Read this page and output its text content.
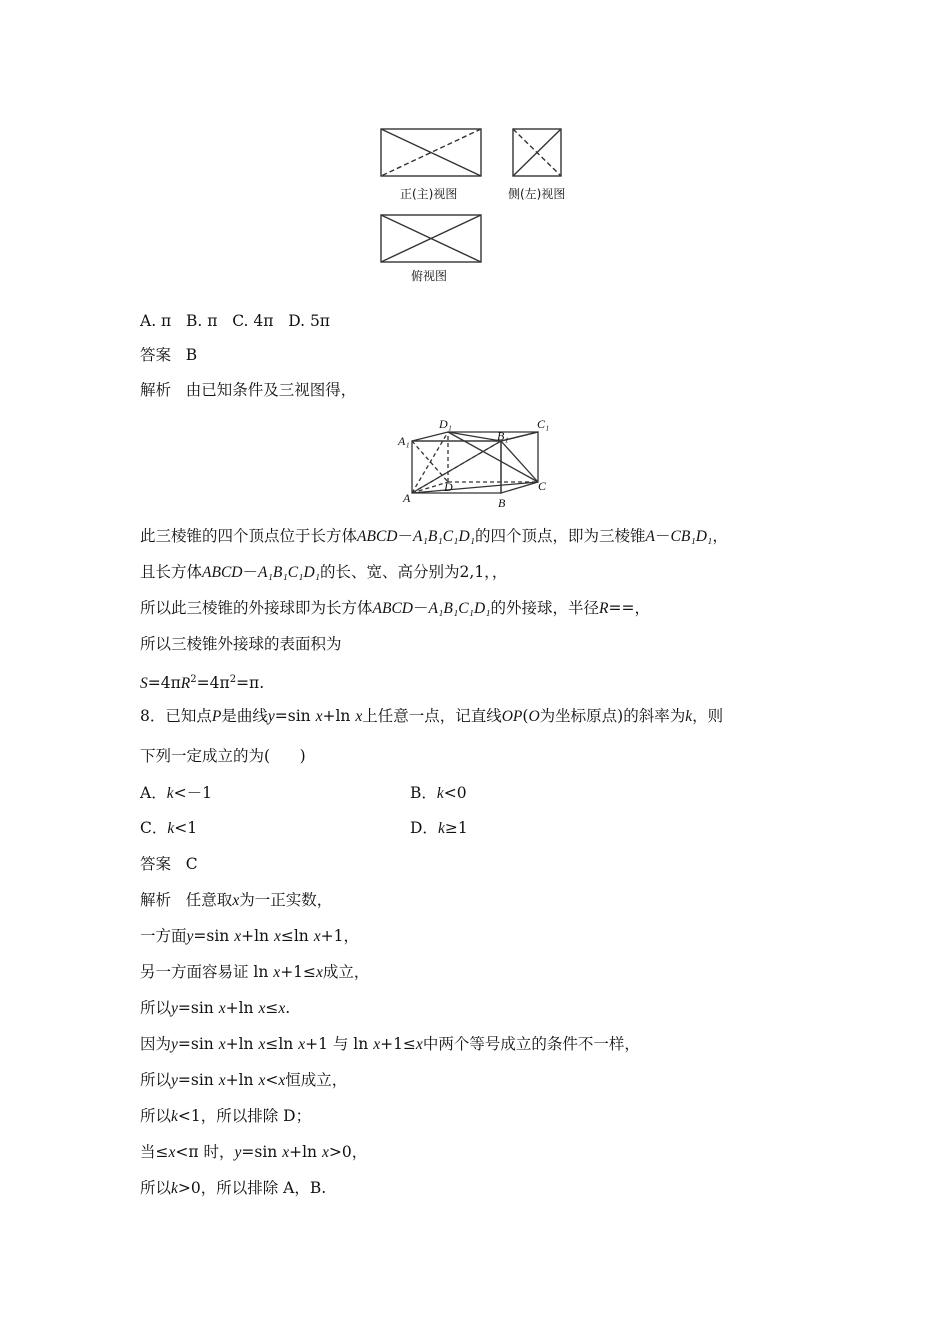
正(主)视图	侧(左)视图
俯视图
A. π   B. π   C. 4π   D. 5π
答案 B
解析 由已知条件及三视图得，
D₁	C₁
A₁	B₁
A
D
B
C
此三棱锥的四个顶点位于长方体ABCD－A₁B₁C₁D₁的四个顶点，即为三棱锥A－CB₁D₁，
且长方体ABCD－A₁B₁C₁D₁的长、宽、高分别为2,1，，
所以此三棱锥的外接球即为长方体ABCD－A₁B₁C₁D₁的外接球，半径R==，
所以三棱锥外接球的表面积为
$S=4\pi R^2=4\pi^2=\pi$.
8．已知点P是曲线y=sin x+ln x上任意一点，记直线OP(O为坐标原点)的斜率为k，则
下列一定成立的为(      )
A．k<－1	B．k<0
C．k<1	D．k≥1
答案 C
解析 任意取x为一正实数，
一方面y=sin x+ln x≤ln x+1，
另一方面容易证 ln x+1≤x成立，
所以y=sin x+ln x≤x.
因为y=sin x+ln x≤ln x+1 与 ln x+1≤x中两个等号成立的条件不一样，
所以y=sin x+ln x<x恒成立，
所以k<1，所以排除 D；
当≤x<π 时，y=sin x+ln x>0，
所以k>0，所以排除 A，B.
